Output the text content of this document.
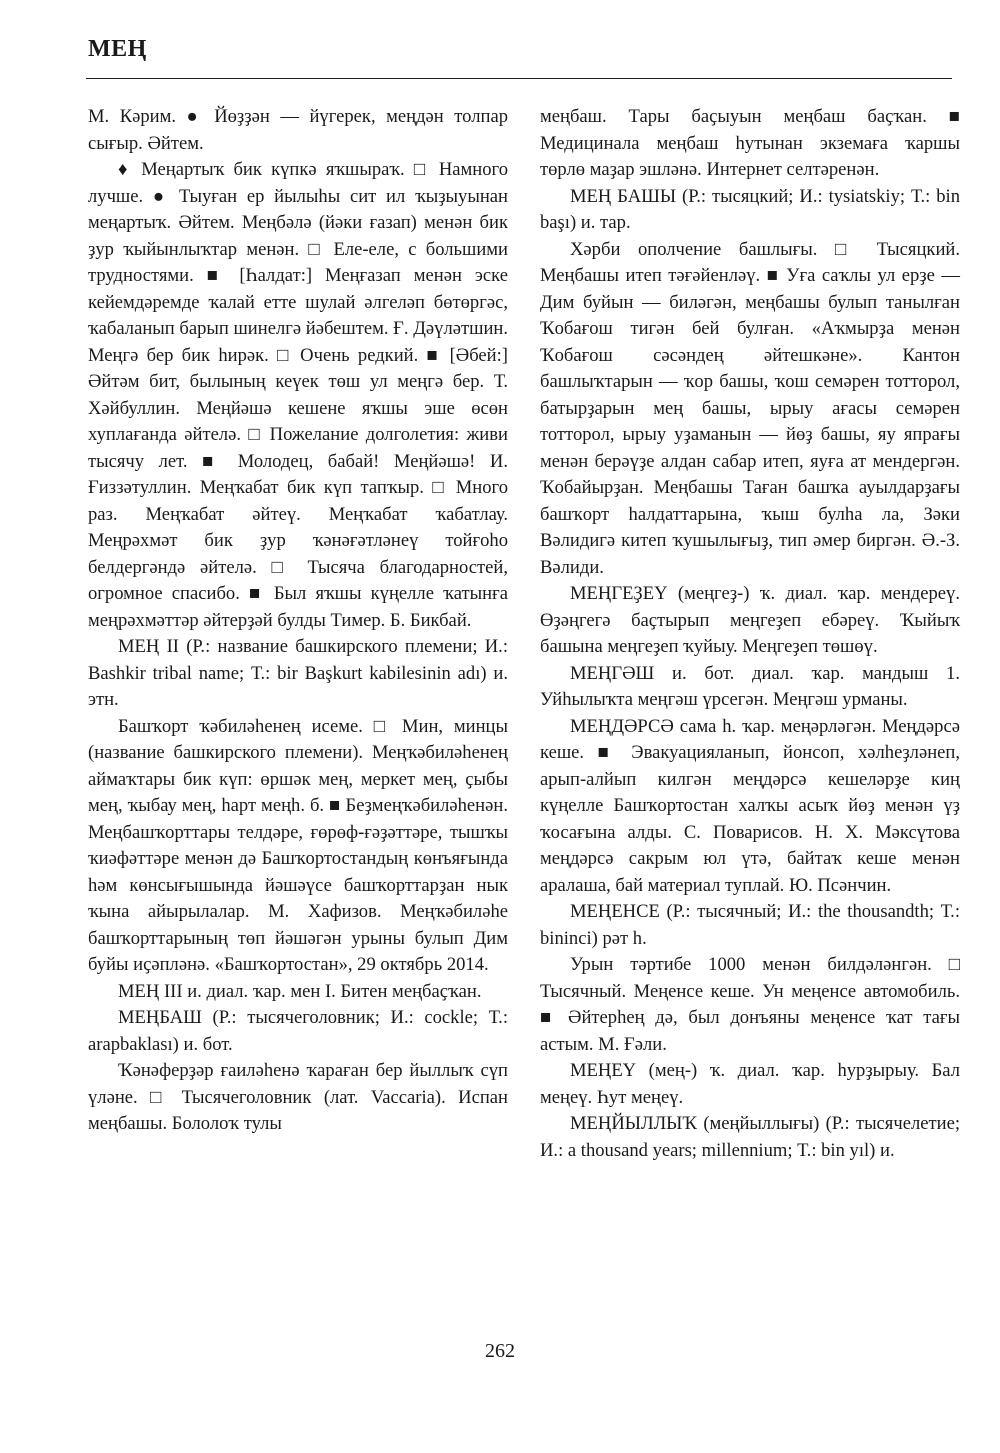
МЕҢ

М. Кәрим. ● Йөҙҙән — йүгерек, меңдән толпар сығыр. Әйтем.

♦ Меңартыҡ бик күпкә яҡшыраҡ. □ Намного лучше. ● Тыуған ер йылыһы сит ил ҡыҙыуынан меңартыҡ. Әйтем. Меңбәлә (йәки ғазап) менән бик ҙур ҡыйынлыҡтар менән. □ Еле-еле, с большими трудностями. ■ [Һалдат:] Меңғазап менән эске кейемдәремде ҡалай етте шулай әлгеләп бөтөргәс, ҡабаланып барып шинелгә йәбештем. Ғ. Дәүләтшин. Меңгә бер бик һирәк. □ Очень редкий. ■ [Әбей:] Әйтәм бит, былының кеүек төш ул меңгә бер. Т. Хәйбуллин. Меңйәшә кешене яҡшы эше өсөн хуплағанда әйтелә. □ Пожелание долголетия: живи тысячу лет. ■ Молодец, бабай! Меңйәшә! И. Ғиззәтуллин. Меңҡабат бик күп тапҡыр. □ Много раз. Меңҡабат әйтеү. Меңҡабат ҡабатлау. Меңрәхмәт бик ҙур ҡәнәғәтләнеү тойғоһо белдергәндә әйтелә. □ Тысяча благодарностей, огромное спасибо. ■ Был яҡшы күңелле ҡатынға меңрәхмәттәр әйтерҙәй булды Тимер. Б. Бикбай.

МЕҢ II (Р.: название башкирского племени; И.: Bashkir tribal name; Т.: bir Başkurt kabilesinin adı) и. этн.

Башҡорт ҡәбиләһенең исеме. □ Мин, минцы (название башкирского племени). Меңҡәбиләһенең аймаҡтары бик күп: өршәк мең, меркет мең, ҫыбы мең, ҡыбау мең, һарт меңһ. б. ■ Беҙмеңҡәбиләһенән. Меңбашҡорттары телдәре, ғөрөф-ғәҙәттәре, тышҡы ҡиәфәттәре менән дә Башҡортостандың көнъяғында һәм көнсығышында йәшәүсе башҡорттарҙан нык ҡына айырылалар. М. Хафизов. Меңҡәбиләһе башҡорттарының төп йәшәгән урыны булып Дим буйы иҫәпләнә. «Башҡортостан», 29 октябрь 2014.

МЕҢ III и. диал. ҡар. мен I. Битен меңбаҫҡан.

МЕҢБАШ (Р.: тысячеголовник; И.: cockle; Т.: arapbaklası) и. бот.

Ҡәнәферҙәр ғаиләһенә ҡараған бер йыллыҡ сүп үләне. □ Тысячеголовник (лат. Vaccaria). Испан меңбашы. Бололоҡ тулы

меңбаш. Тары баҫыуын меңбаш баҫҡан. ■ Медицинала меңбаш һутынан экземаға ҡаршы төрлө маҙар эшләнә. Интернет селтәренән.

МЕҢ БАШЫ (Р.: тысяцкий; И.: tysiatskiy; Т.: bin başı) и. тар.

Хәрби ополчение башлығы. □ Тысяцкий. Меңбашы итеп тәғәйенләү. ■ Уға саҡлы ул ерҙе — Дим буйын — биләгән, меңбашы булып танылған Ҡобағош тигән бей булған. «Аҡмырҙа менән Ҡобағош сәсәндең әйтешкәне». Кантон башлыҡтарын — ҡор башы, ҡош семәрен тотторол, батырҙарын мең башы, ырыу ағасы семәрен тотторол, ырыу уҙаманын — йөҙ башы, яу япрағы менән берәүҙе алдан сабар итеп, яуға ат мендергән. Ҡобайырҙан. Меңбашы Таған башҡа ауылдарҙағы башҡорт һалдаттарына, ҡыш булһа ла, Зәки Вәлидигә китеп ҡушылығыҙ, тип әмер биргән. Ә.-З. Вәлиди.

МЕҢГЕҘЕҮ (меңгеҙ-) ҡ. диал. ҡар. мендереү. Өҙәңгегә баҫтырып меңгеҙеп ебәреү. Ҡыйыҡ башына меңгеҙеп ҡуйыу. Меңгеҙеп төшөү.

МЕҢГӘШ и. бот. диал. ҡар. мандыш 1. Уйһылыҡта меңгәш үрсегән. Меңгәш урманы.

МЕҢДӘРСӘ сама һ. ҡар. меңәрләгән. Меңдәрсә кеше. ■ Эвакуацияланып, йонсоп, хәлһеҙләнеп, арып-алйып килгән меңдәрсә кешеләрҙе киң күңелле Башҡортостан халҡы асыҡ йөҙ менән үҙ ҡосағына алды. С. Поварисов. Н. Х. Мәксүтова меңдәрсә сакрым юл үтә, байтаҡ кеше менән аралаша, бай материал туплай. Ю. Псәнчин.

МЕҢЕНСЕ (Р.: тысячный; И.: the thousandth; Т.: bininci) рәт һ.

Урын тәртибе 1000 менән билдәләнгән. □ Тысячный. Меңенсе кеше. Ун меңенсе автомобиль. ■ Әйтерһең дә, был донъяны меңенсе ҡат тағы астым. М. Ғәли.

МЕҢЕҮ (мең-) ҡ. диал. ҡар. һурҙырыу. Бал меңеү. Һут меңеү.

МЕҢЙЫЛЛЫҠ (меңйыллығы) (Р.: тысячелетие; И.: a thousand years; millennium; Т.: bin yıl) и.

262
